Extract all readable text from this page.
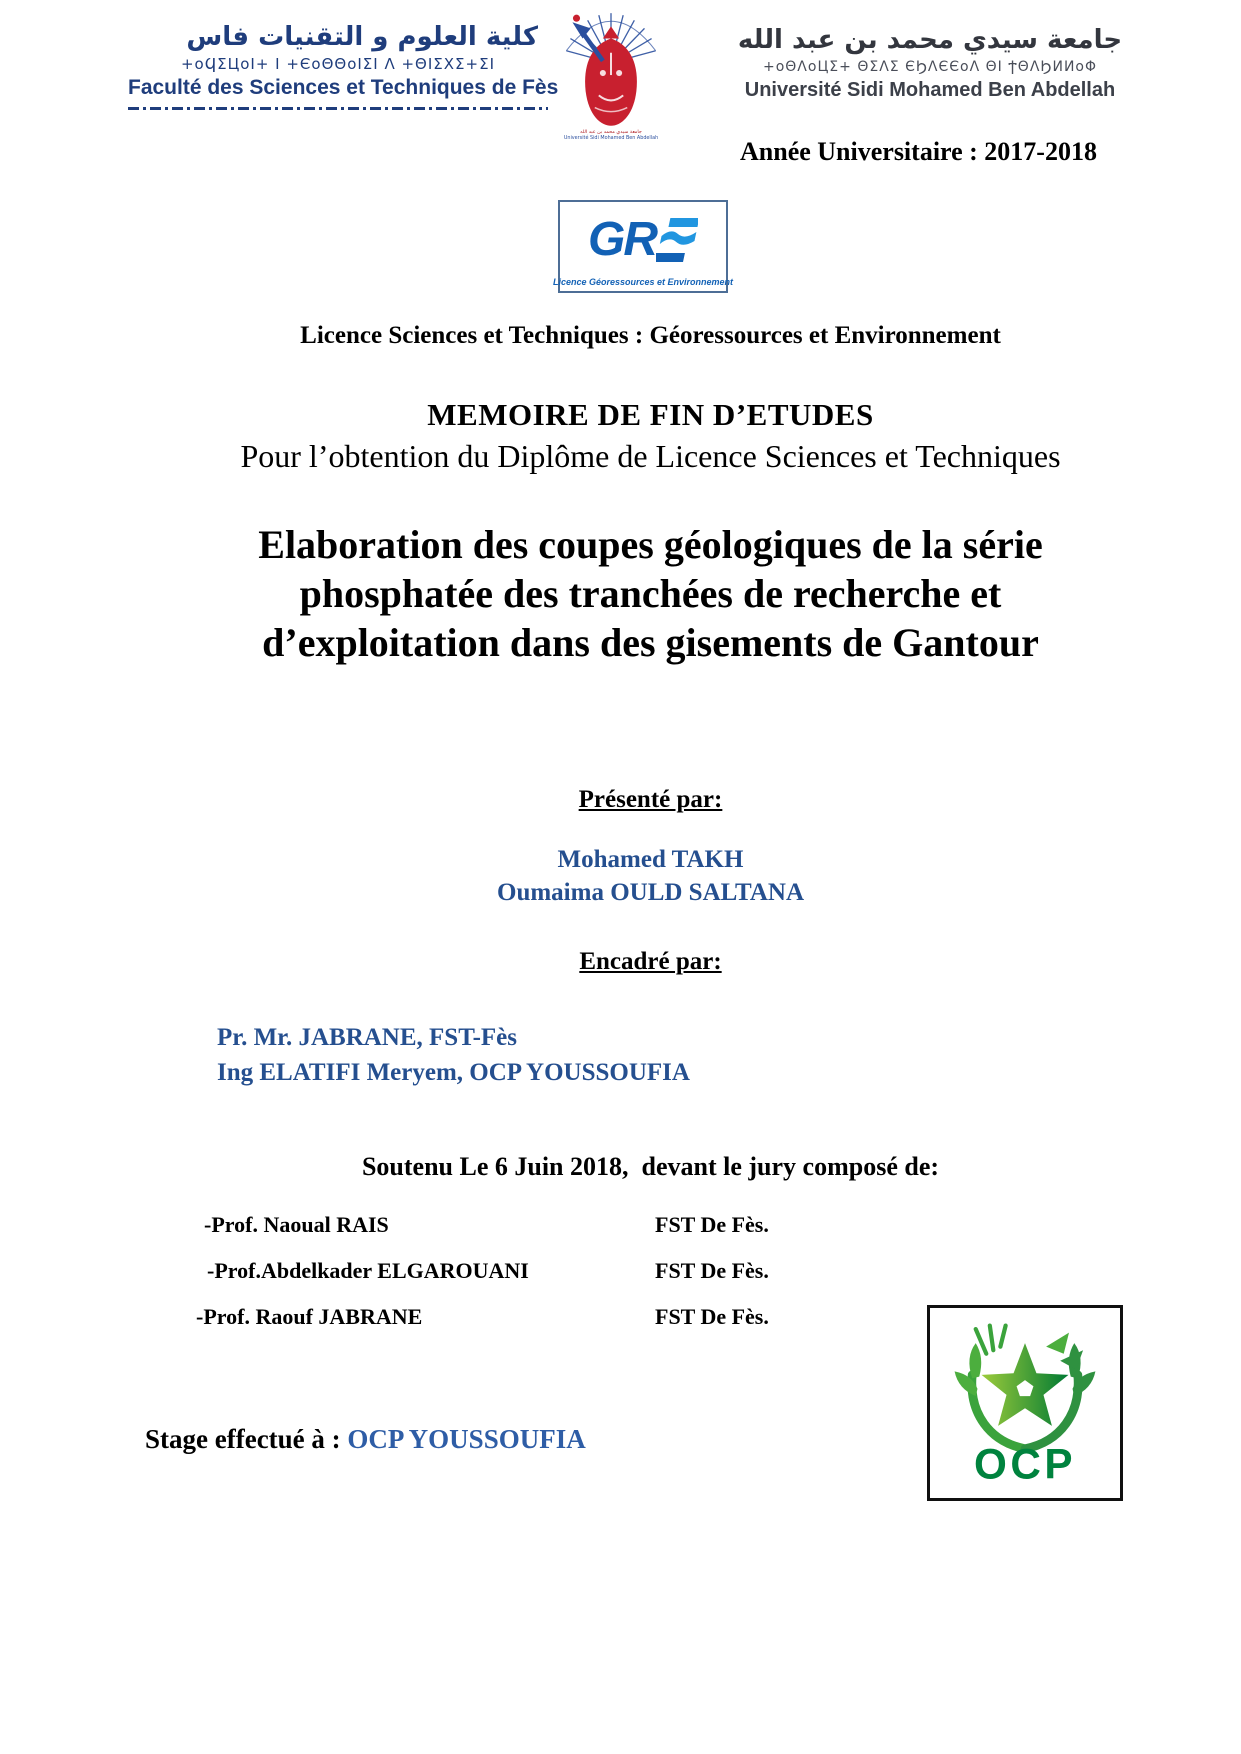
كلية العلوم و التقنيات فاس
+oϤΣЦoI+ I +ЄoΘΘoIΣI Λ +ΘIΣΧΣ+ΣI
Faculté des Sciences et Techniques de Fès
جامعة سيدي محمد بن عبد الله
Université Sidi Mohamed Ben Abdellah
جامعة سيدي محمد بن عبد الله
+oΘΛoЦΣ+ ΘΣΛΣ ЄϦΛЄЄoΛ ΘI ϮΘΛϦИИoΦ
Université Sidi Mohamed Ben Abdellah
Année Universitaire : 2017-2018
GR
Licence Géoressources et Environnement
Licence Sciences et Techniques : Géoressources et Environnement
MEMOIRE DE FIN D’ETUDES
Pour l’obtention du Diplôme de Licence Sciences et Techniques
Elaboration des coupes géologiques de la série
phosphatée des tranchées de recherche et
d’exploitation dans des gisements de Gantour
Présenté par:
Mohamed TAKH
Oumaima OULD SALTANA
Encadré par:
Pr. Mr. JABRANE, FST-Fès
Ing ELATIFI Meryem, OCP YOUSSOUFIA
Soutenu Le 6 Juin 2018,  devant le jury composé de:
-Prof. Naoual RAIS	FST De Fès.
-Prof.Abdelkader ELGAROUANI	FST De Fès.
-Prof. Raouf JABRANE	FST De Fès.
OCP
Stage effectué à : OCP YOUSSOUFIA
